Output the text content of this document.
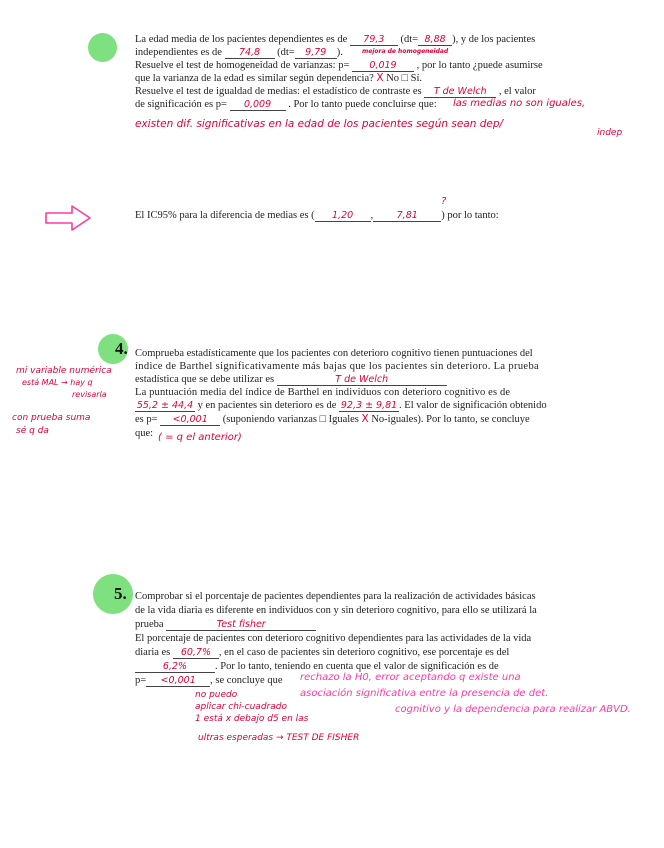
La edad media de los pacientes dependientes es de 79,3 (dt= 8,88 ), y de los pacientes
independientes es de 74,8 (dt= 9,79 ).	mejora de homogeneidad
Resuelve el test de homogeneidad de varianzas: p= 0,019 , por lo tanto ¿puede asumirse
que la varianza de la edad es similar según dependencia? X No □ Sí.
Resuelve el test de igualdad de medias: el estadístico de contraste es T de Welch , el valor
de significación es p= 0,009 . Por lo tanto puede concluirse que: las medias no son iguales,
existen dif. significativas en la edad de los pacientes según sean dep/
indep
El IC95% para la diferencia de medias es ( 1,20 , 7,81 ) por lo tanto:
?
4. Comprueba estadísticamente que los pacientes con deterioro cognitivo tienen puntuaciones del
índice de Barthel significativamente más bajas que los pacientes sin deterioro. La prueba
estadística que se debe utilizar es	T de Welch
La puntuación media del índice de Barthel en individuos con deterioro cognitivo es de
55,2 ± 44,4 y en pacientes sin deterioro es de 92,3 ± 9,81 . El valor de significación obtenido
es p= <0,001 (suponiendo varianzas □ Iguales X No-iguales). Por lo tanto, se concluye
que: ( = q el anterior)
mi variable numérica
está MAL → hay q
revisarla
con prueba suma
sé q da
5. Comprobar si el porcentaje de pacientes dependientes para la realización de actividades básicas
de la vida diaria es diferente en individuos con y sin deterioro cognitivo, para ello se utilizará la
prueba	Test fisher
El porcentaje de pacientes con deterioro cognitivo dependientes para las actividades de la vida
diaria es 60,7% , en el caso de pacientes sin deterioro cognitivo, ese porcentaje es del
6,2%	. Por lo tanto, teniendo en cuenta que el valor de significación es de
p= <0,001 , se concluye que rechazo la H0, error aceptando q existe una
asociación significativa entre la presencia de det.
cognitivo y la dependencia para realizar ABVD.
no puedo
aplicar chi-cuadrado
1 está x debajo d5 en las
ultras esperadas → TEST DE FISHER
